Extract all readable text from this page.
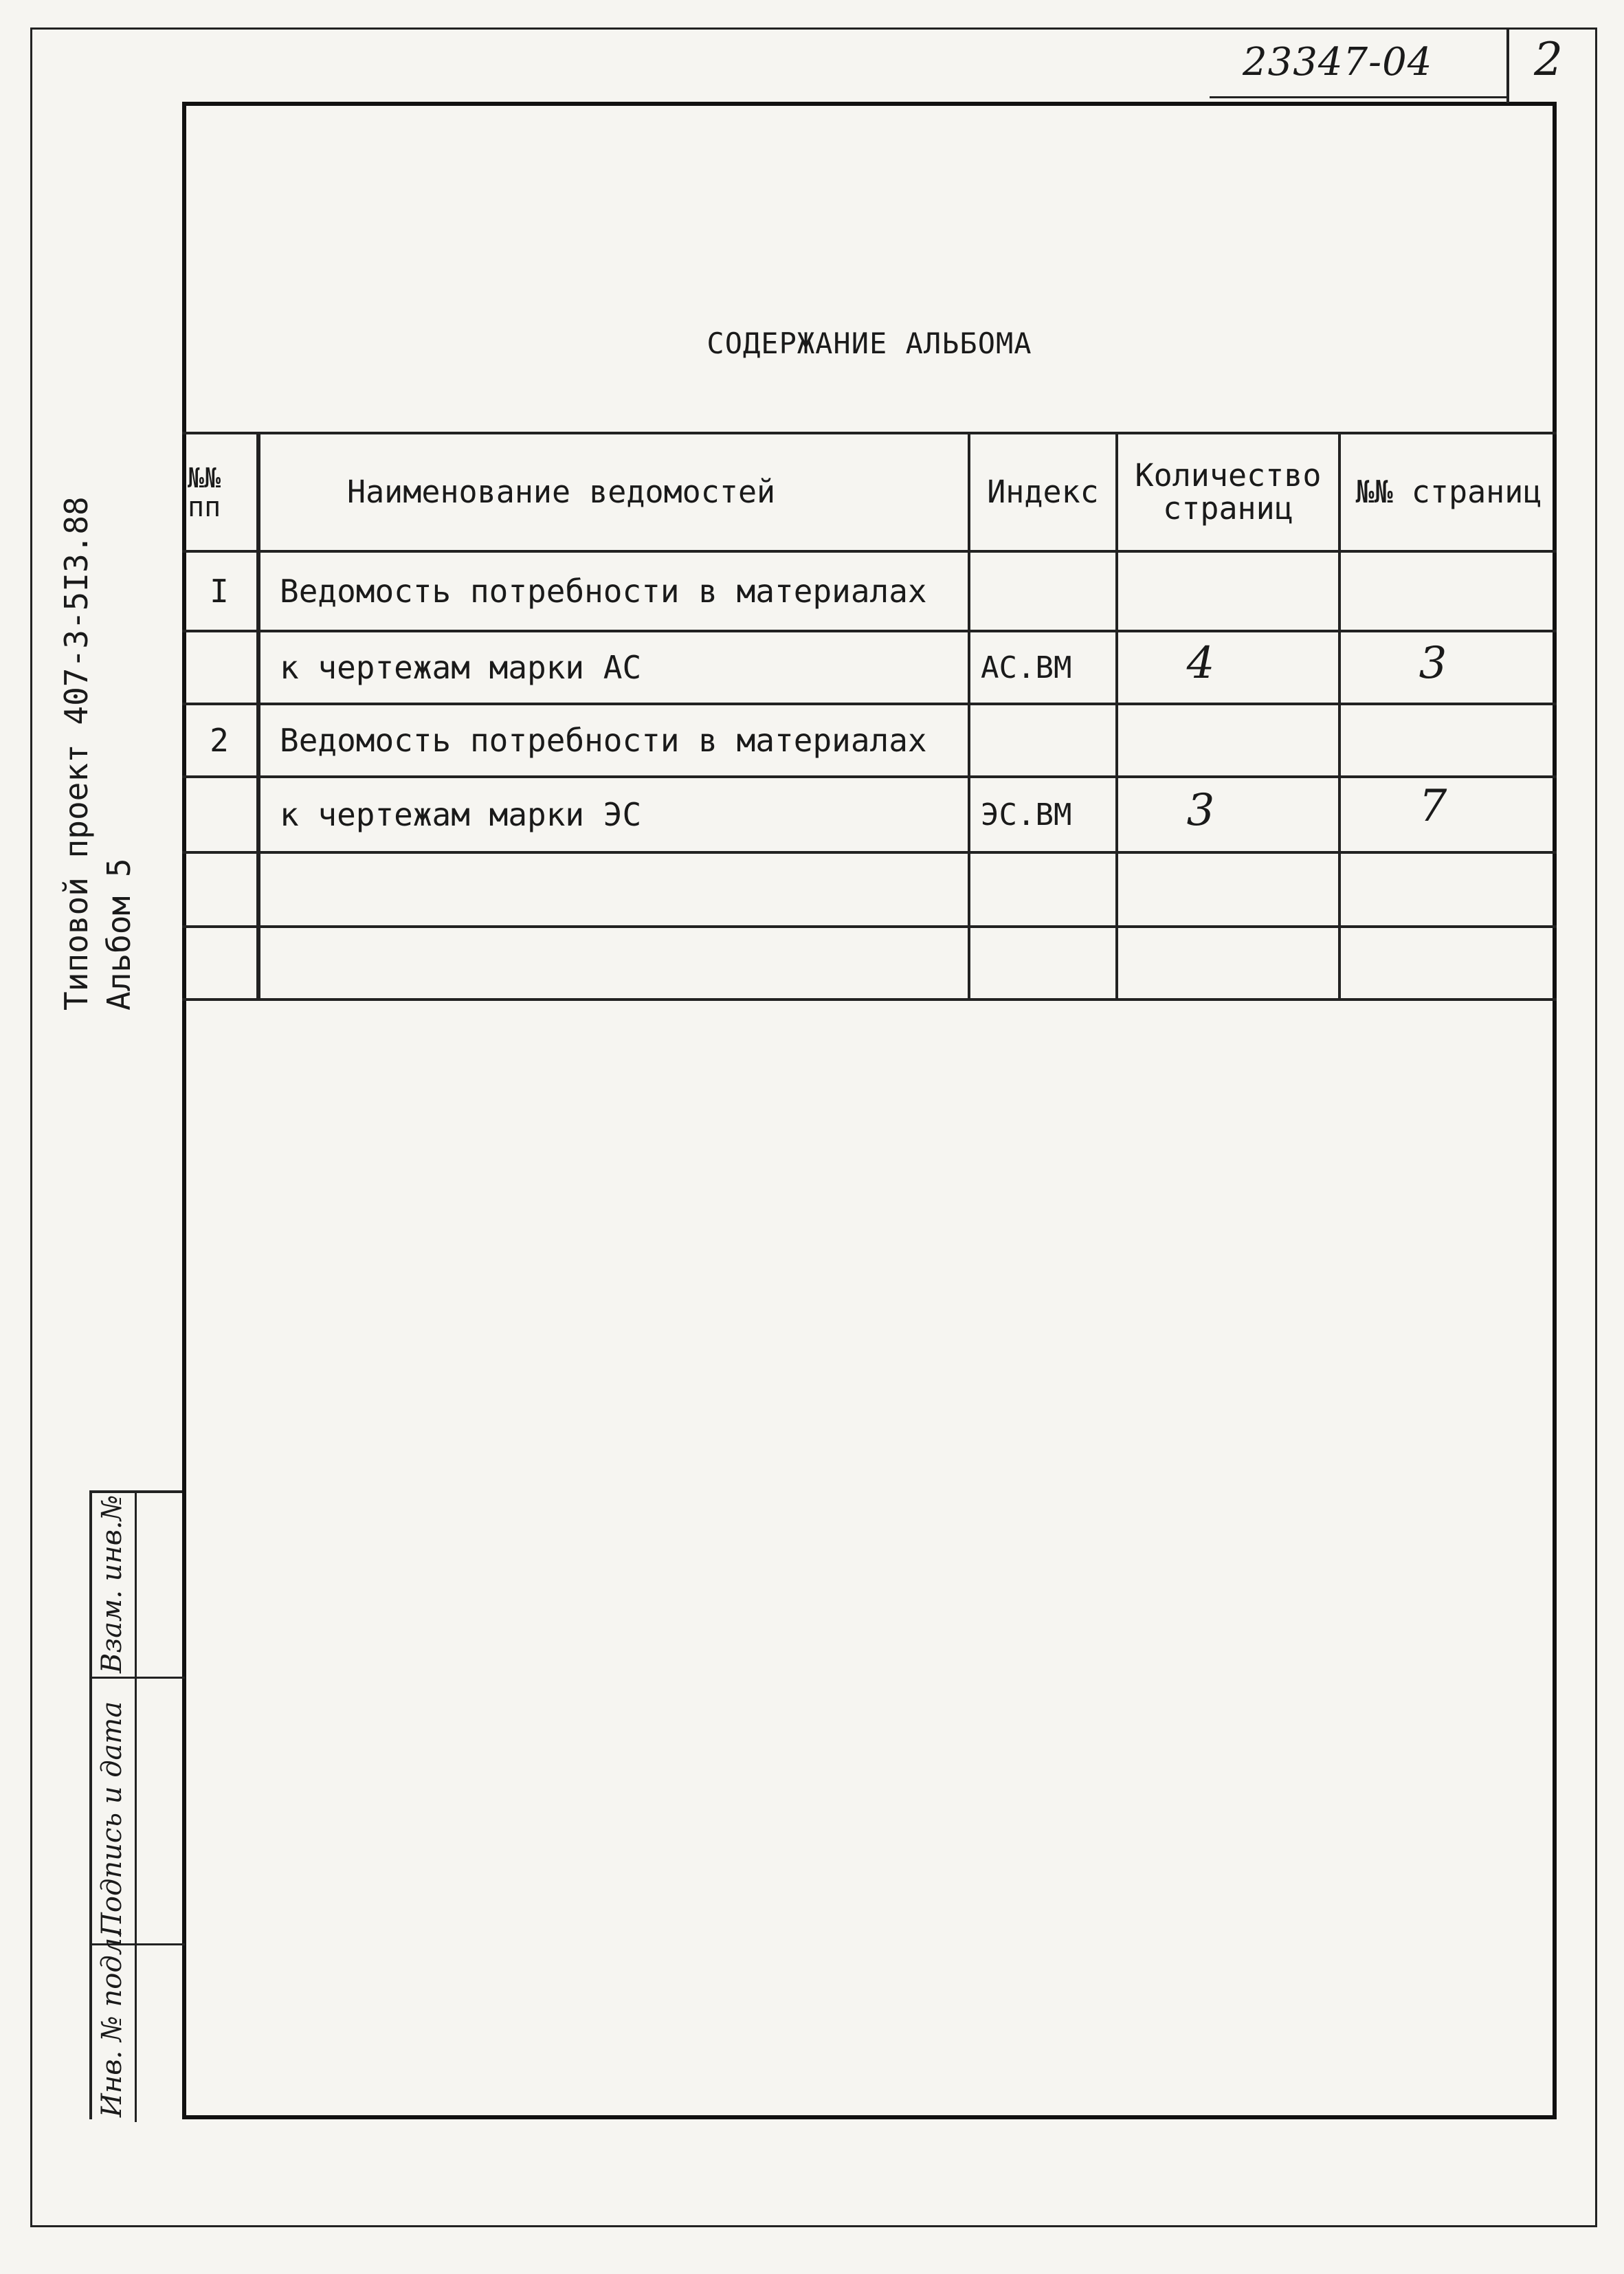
23347-04 2
Типовой проект 407-3-5I3.88 Альбом 5
СОДЕРЖАНИЕ АЛЬБОМА
№№ пп	Наименование ведомостей	Индекс	Количество страниц	№№ страниц
I	Ведомость потребности в материалах
к чертежам марки АС	АС.ВМ	4	3
2	Ведомость потребности в материалах
к чертежам марки ЭС	ЭС.ВМ	3	7
Взам. инв.№
Подпись и дата
Инв. № подл.
